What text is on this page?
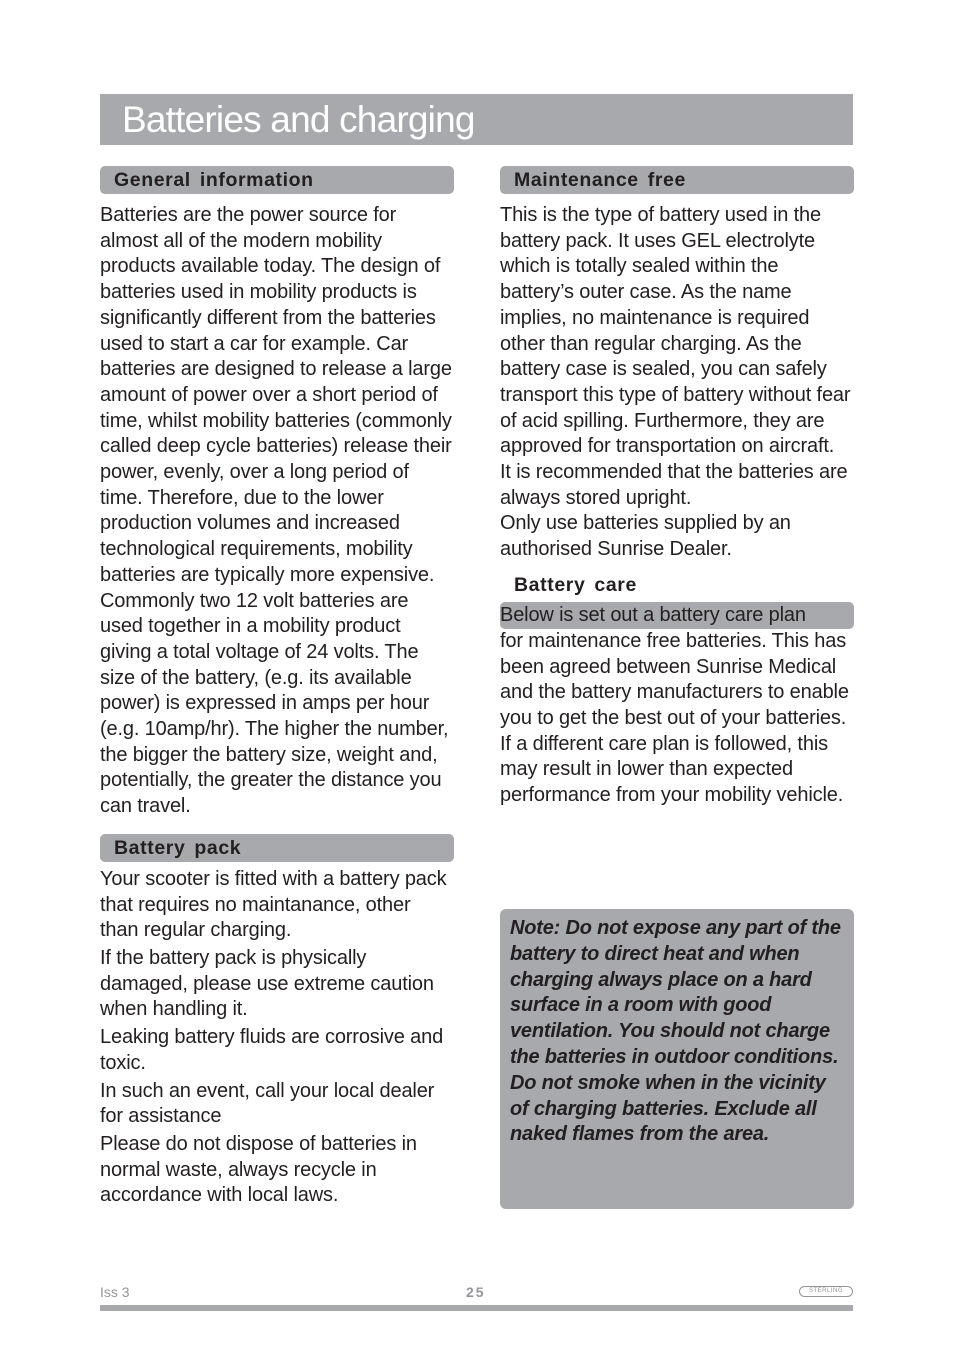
Batteries and charging
General information

Batteries are the power source for almost all of the modern mobility products available today. The design of batteries used in mobility products is significantly different from the batteries used to start a car for example. Car batteries are designed to release a large amount of power over a short period of time, whilst mobility batteries (commonly called deep cycle batteries) release their power, evenly, over a long period of time. Therefore, due to the lower production volumes and increased technological requirements, mobility batteries are typically more expensive. Commonly two 12 volt batteries are used together in a mobility product giving a total voltage of 24 volts. The size of the battery, (e.g. its available power) is expressed in amps per hour (e.g. 10amp/hr). The higher the number, the bigger the battery size, weight and, potentially, the greater the distance you can travel.

Battery pack

Your scooter is fitted with a battery pack that requires no maintanance, other than regular charging.

If the battery pack is physically damaged, please use extreme caution when handling it.

Leaking battery fluids are corrosive and toxic.

In such an event, call your local dealer for assistance

Please do not dispose of batteries in normal waste, always recycle in accordance with local laws.

Maintenance free

This is the type of battery used in the battery pack. It uses GEL electrolyte which is totally sealed within the battery’s outer case. As the name implies, no maintenance is required other than regular charging. As the battery case is sealed, you can safely transport this type of battery without fear of acid spilling. Furthermore, they are approved for transportation on aircraft.

It is recommended that the batteries are always stored upright.

Only use batteries supplied by an authorised Sunrise Dealer.

Battery care
Below is set out a battery care plan

for maintenance free batteries. This has been agreed between Sunrise Medical and the battery manufacturers to enable you to get the best out of your batteries. If a different care plan is followed, this may result in lower than expected performance from your mobility vehicle.

Note: Do not expose any part of the battery to direct heat and when charging always place on a hard surface in a room with good ventilation. You should not charge the batteries in outdoor conditions.

Do not smoke when in the vicinity of charging batteries. Exclude all naked flames from the area.

Iss 3	25	STERLING
